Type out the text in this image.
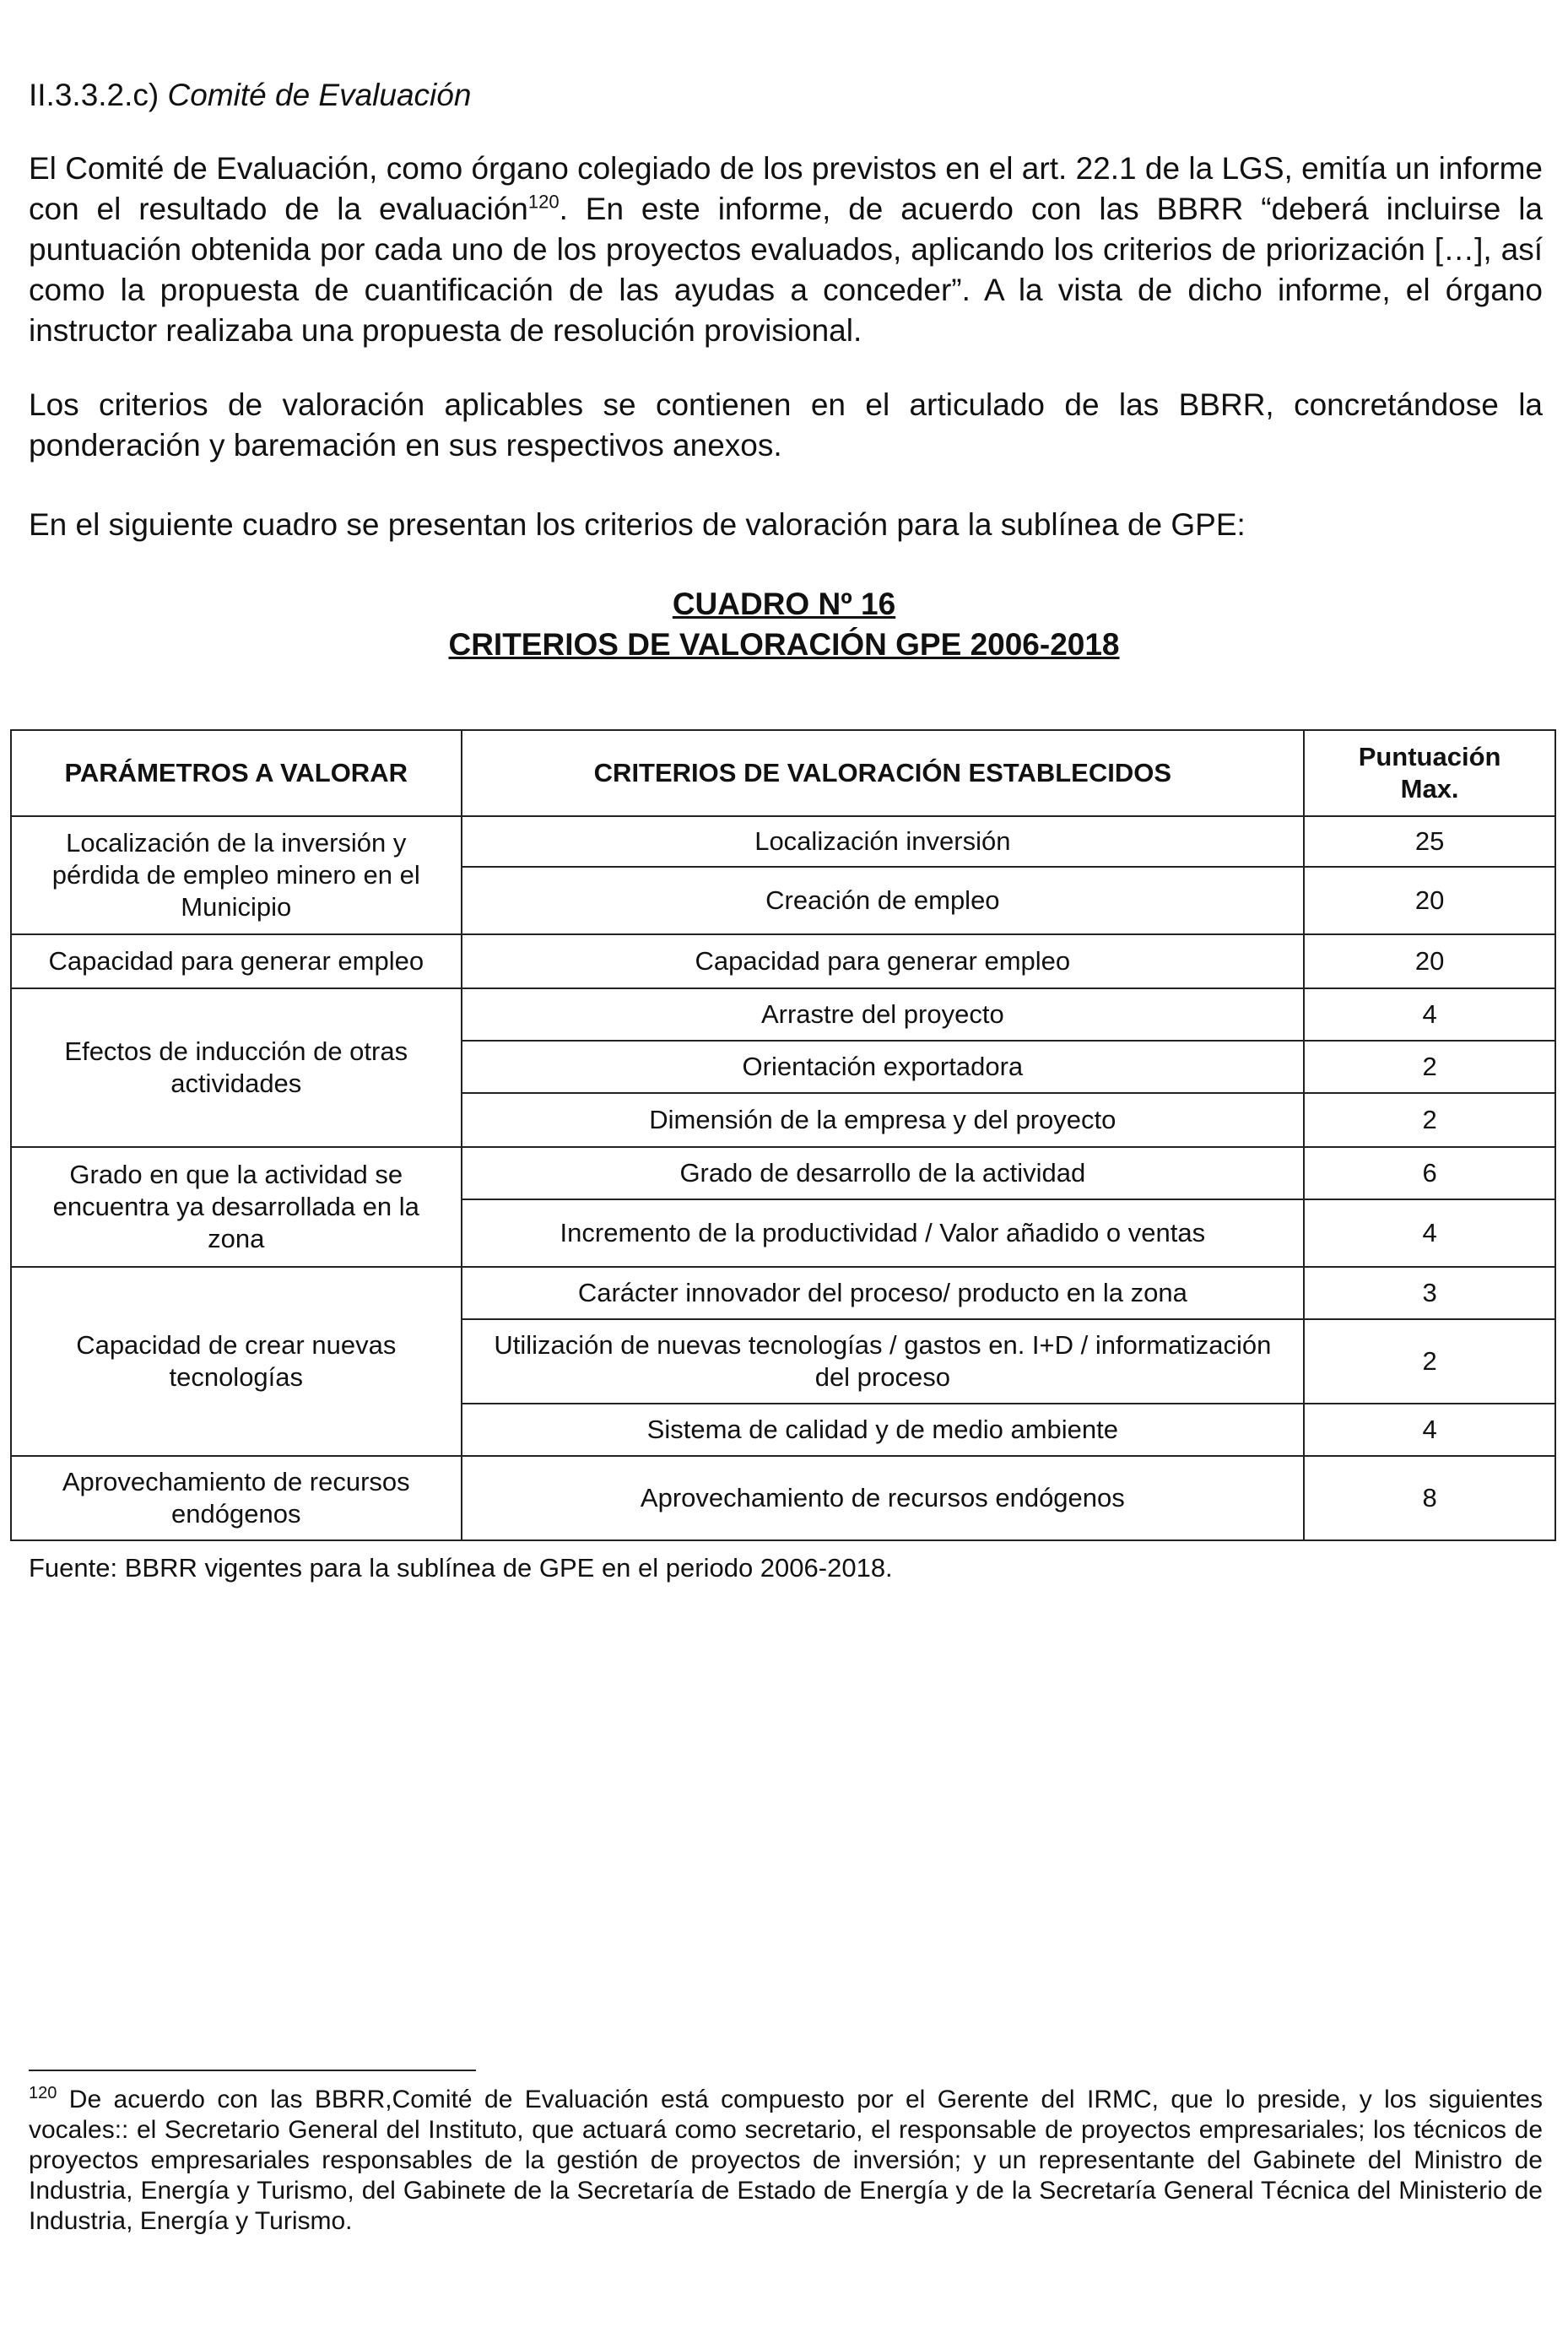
II.3.3.2.c) Comité de Evaluación

El Comité de Evaluación, como órgano colegiado de los previstos en el art. 22.1 de la LGS, emitía un informe con el resultado de la evaluación$^{120}$. En este informe, de acuerdo con las BBRR “deberá incluirse la puntuación obtenida por cada uno de los proyectos evaluados, aplicando los criterios de priorización […], así como la propuesta de cuantificación de las ayudas a conceder”. A la vista de dicho informe, el órgano instructor realizaba una propuesta de resolución provisional.

Los criterios de valoración aplicables se contienen en el articulado de las BBRR, concretándose la ponderación y baremación en sus respectivos anexos.

En el siguiente cuadro se presentan los criterios de valoración para la sublínea de GPE:

CUADRO Nº 16
CRITERIOS DE VALORACIÓN GPE 2006-2018
PARÁMETROS A VALORAR	CRITERIOS DE VALORACIÓN ESTABLECIDOS	Puntuación
Max.
Localización de la inversión y pérdida de empleo minero en el Municipio	Localización inversión	25
	Creación de empleo	20
Capacidad para generar empleo	Capacidad para generar empleo	20
Efectos de inducción de otras actividades	Arrastre del proyecto	4
	Orientación exportadora	2
	Dimensión de la empresa y del proyecto	2
Grado en que la actividad se encuentra ya desarrollada en la zona	Grado de desarrollo de la actividad	6
	Incremento de la productividad / Valor añadido o ventas	4
Capacidad de crear nuevas tecnologías	Carácter innovador del proceso/ producto en la zona	3
	Utilización de nuevas tecnologías / gastos en. I+D / informatización del proceso	2
	Sistema de calidad y de medio ambiente	4
Aprovechamiento de recursos endógenos	Aprovechamiento de recursos endógenos	8
Fuente: BBRR vigentes para la sublínea de GPE en el periodo 2006-2018.

$^{120}$ De acuerdo con las BBRR,Comité de Evaluación está compuesto por el Gerente del IRMC, que lo preside, y los siguientes vocales:: el Secretario General del Instituto, que actuará como secretario, el responsable de proyectos empresariales; los técnicos de proyectos empresariales responsables de la gestión de proyectos de inversión; y un representante del Gabinete del Ministro de Industria, Energía y Turismo, del Gabinete de la Secretaría de Estado de Energía y de la Secretaría General Técnica del Ministerio de Industria, Energía y Turismo.
